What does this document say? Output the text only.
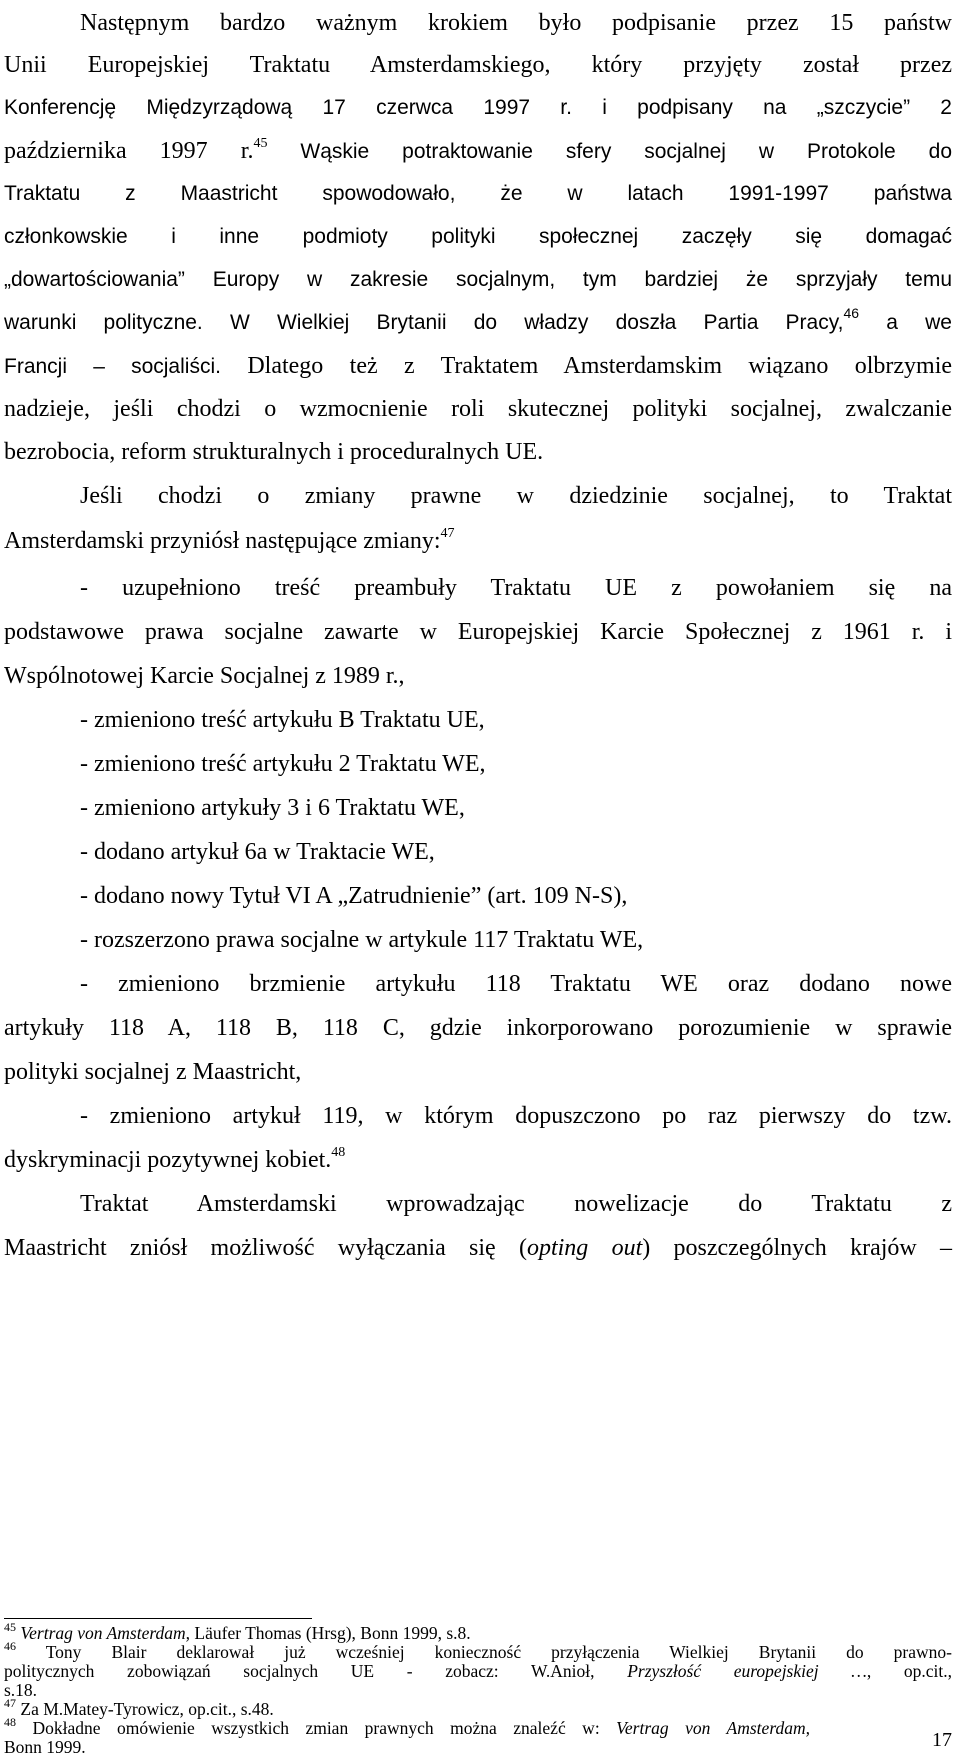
Następnym bardzo ważnym krokiem było podpisanie przez 15 państw
Unii Europejskiej Traktatu Amsterdamskiego, który przyjęty został przez
Konferencję Międzyrządową 17 czerwca 1997 r. i podpisany na „szczycie” 2
października 1997 r.$^{45}$ Wąskie potraktowanie sfery socjalnej w Protokole do
Traktatu z Maastricht spowodowało, że w latach 1991-1997 państwa
członkowskie i inne podmioty polityki społecznej zaczęły się domagać
„dowartościowania” Europy w zakresie socjalnym, tym bardziej że sprzyjały temu
warunki polityczne. W Wielkiej Brytanii do władzy doszła Partia Pracy,$^{46}$ a we
Francji – socjaliści. Dlatego też z Traktatem Amsterdamskim wiązano olbrzymie
nadzieje, jeśli chodzi o wzmocnienie roli skutecznej polityki socjalnej, zwalczanie
bezrobocia, reform strukturalnych i proceduralnych UE.
Jeśli chodzi o zmiany prawne w dziedzinie socjalnej, to Traktat
Amsterdamski przyniósł następujące zmiany:$^{47}$
- uzupełniono treść preambuły Traktatu UE z powołaniem się na
podstawowe prawa socjalne zawarte w Europejskiej Karcie Społecznej z 1961 r. i
Wspólnotowej Karcie Socjalnej z 1989 r.,
- zmieniono treść artykułu B Traktatu UE,
- zmieniono treść artykułu 2 Traktatu WE,
- zmieniono artykuły 3 i 6 Traktatu WE,
- dodano artykuł 6a w Traktacie WE,
- dodano nowy Tytuł VI A „Zatrudnienie” (art. 109 N-S),
- rozszerzono prawa socjalne w artykule 117 Traktatu WE,
- zmieniono brzmienie artykułu 118 Traktatu WE oraz dodano nowe
artykuły 118 A, 118 B, 118 C, gdzie inkorporowano porozumienie w sprawie
polityki socjalnej z Maastricht,
- zmieniono artykuł 119, w którym dopuszczono po raz pierwszy do tzw.
dyskryminacji pozytywnej kobiet.$^{48}$
Traktat Amsterdamski wprowadzając nowelizacje do Traktatu z
Maastricht zniósł możliwość wyłączania się (opting out) poszczególnych krajów –
$^{45}$ Vertrag von Amsterdam, Läufer Thomas (Hrsg), Bonn 1999, s.8.
$^{46}$ Tony Blair deklarował już wcześniej konieczność przyłączenia Wielkiej Brytanii do prawno-
politycznych zobowiązań socjalnych UE - zobacz: W.Anioł, Przyszłość europejskiej …, op.cit.,
s.18.
$^{47}$ Za M.Matey-Tyrowicz, op.cit., s.48.
17
$^{48}$ Dokładne omówienie wszystkich zmian prawnych można znaleźć w: Vertrag von Amsterdam,
Bonn 1999.
